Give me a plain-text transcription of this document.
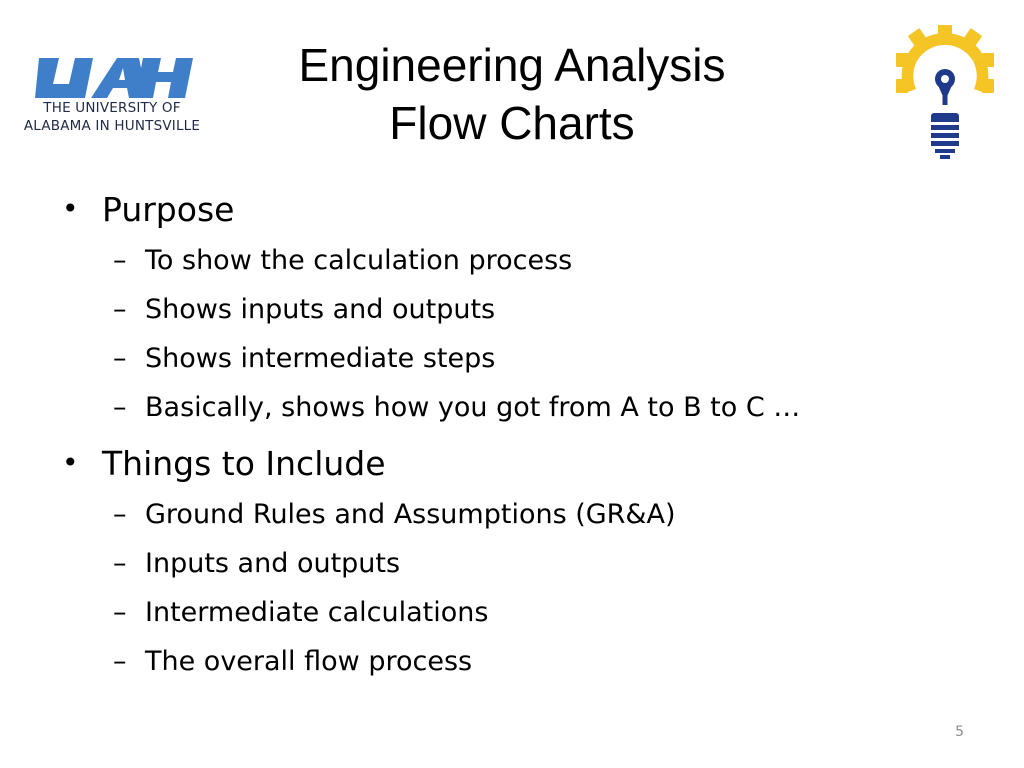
THE UNIVERSITY OF
ALABAMA IN HUNTSVILLE
Engineering Analysis
Flow Charts
• Purpose
– To show the calculation process
– Shows inputs and outputs
– Shows intermediate steps
– Basically, shows how you got from A to B to C …
• Things to Include
– Ground Rules and Assumptions (GR&A)
– Inputs and outputs
– Intermediate calculations
– The overall flow process
5
